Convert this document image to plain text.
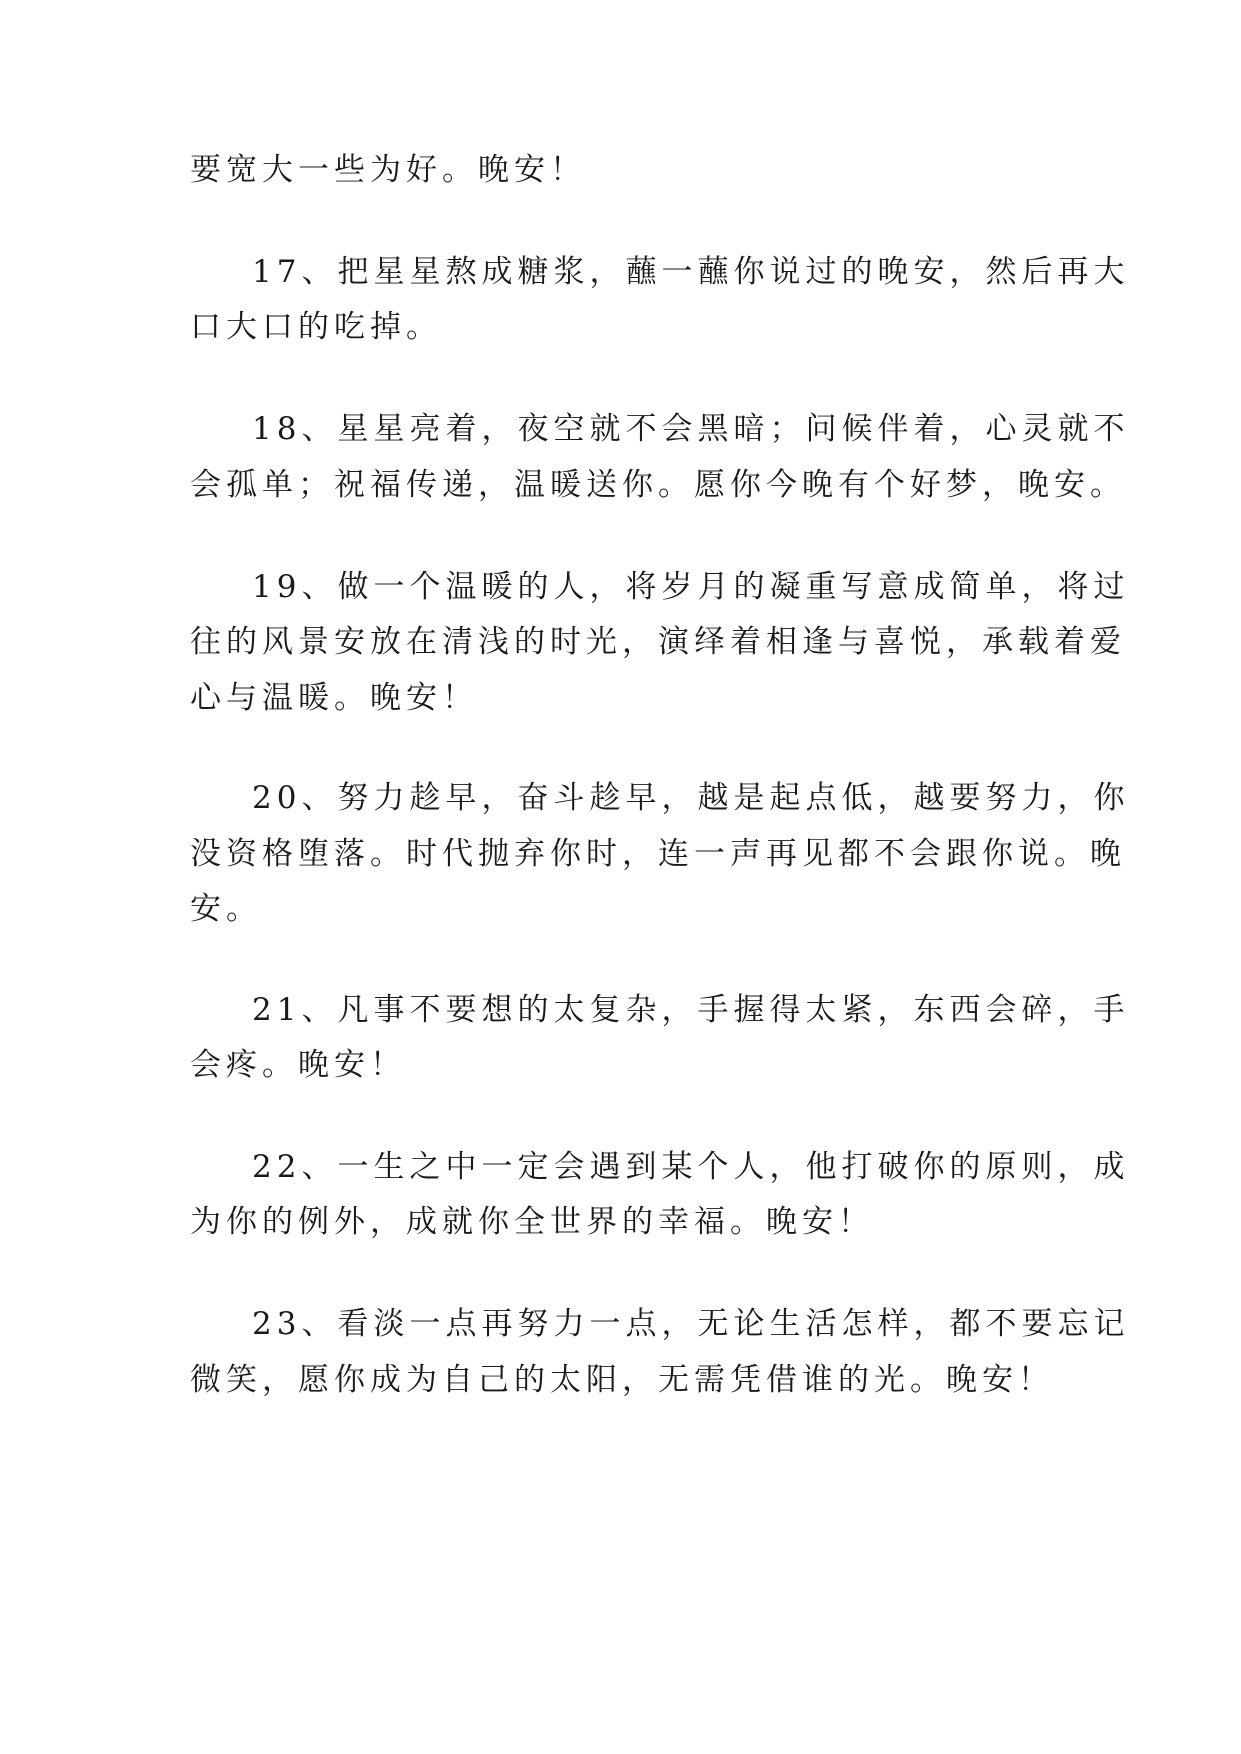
要宽大一些为好。晚安！

17、把星星熬成糖浆，蘸一蘸你说过的晚安，然后再大

口大口的吃掉。

18、星星亮着，夜空就不会黑暗；问候伴着，心灵就不

会孤单；祝福传递，温暖送你。愿你今晚有个好梦，晚安。

19、做一个温暖的人，将岁月的凝重写意成简单，将过

往的风景安放在清浅的时光，演绎着相逢与喜悦，承载着爱

心与温暖。晚安！

20、努力趁早，奋斗趁早，越是起点低，越要努力，你

没资格堕落。时代抛弃你时，连一声再见都不会跟你说。晚

安。

21、凡事不要想的太复杂，手握得太紧，东西会碎，手

会疼。晚安！

22、一生之中一定会遇到某个人，他打破你的原则，成

为你的例外，成就你全世界的幸福。晚安！

23、看淡一点再努力一点，无论生活怎样，都不要忘记

微笑，愿你成为自己的太阳，无需凭借谁的光。晚安！
